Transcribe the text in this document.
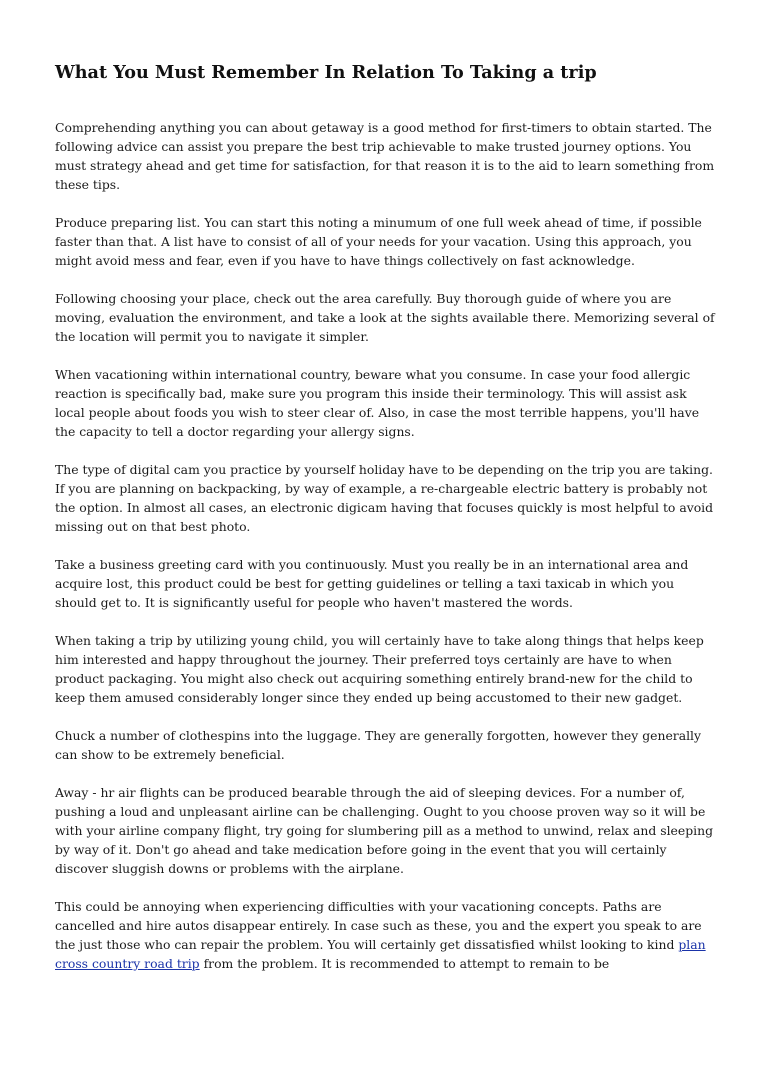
What You Must Remember In Relation To Taking a trip

Comprehending anything you can about getaway is a good method for first-timers to obtain started. The following advice can assist you prepare the best trip achievable to make trusted journey options. You must strategy ahead and get time for satisfaction, for that reason it is to the aid to learn something from these tips.

Produce preparing list. You can start this noting a minumum of one full week ahead of time, if possible faster than that. A list have to consist of all of your needs for your vacation. Using this approach, you might avoid mess and fear, even if you have to have things collectively on fast acknowledge.

Following choosing your place, check out the area carefully. Buy thorough guide of where you are moving, evaluation the environment, and take a look at the sights available there. Memorizing several of the location will permit you to navigate it simpler.

When vacationing within international country, beware what you consume. In case your food allergic reaction is specifically bad, make sure you program this inside their terminology. This will assist ask local people about foods you wish to steer clear of. Also, in case the most terrible happens, you'll have the capacity to tell a doctor regarding your allergy signs.

The type of digital cam you practice by yourself holiday have to be depending on the trip you are taking. If you are planning on backpacking, by way of example, a re-chargeable electric battery is probably not the option. In almost all cases, an electronic digicam having that focuses quickly is most helpful to avoid missing out on that best photo.

Take a business greeting card with you continuously. Must you really be in an international area and acquire lost, this product could be best for getting guidelines or telling a taxi taxicab in which you should get to. It is significantly useful for people who haven't mastered the words.

When taking a trip by utilizing young child, you will certainly have to take along things that helps keep him interested and happy throughout the journey. Their preferred toys certainly are have to when product packaging. You might also check out acquiring something entirely brand-new for the child to keep them amused considerably longer since they ended up being accustomed to their new gadget.

Chuck a number of clothespins into the luggage. They are generally forgotten, however they generally can show to be extremely beneficial.

Away - hr air flights can be produced bearable through the aid of sleeping devices. For a number of, pushing a loud and unpleasant airline can be challenging. Ought to you choose proven way so it will be with your airline company flight, try going for slumbering pill as a method to unwind, relax and sleeping by way of it. Don't go ahead and take medication before going in the event that you will certainly discover sluggish downs or problems with the airplane.

This could be annoying when experiencing difficulties with your vacationing concepts. Paths are cancelled and hire autos disappear entirely. In case such as these, you and the expert you speak to are the just those who can repair the problem. You will certainly get dissatisfied whilst looking to kind plan cross country road trip from the problem. It is recommended to attempt to remain to be
